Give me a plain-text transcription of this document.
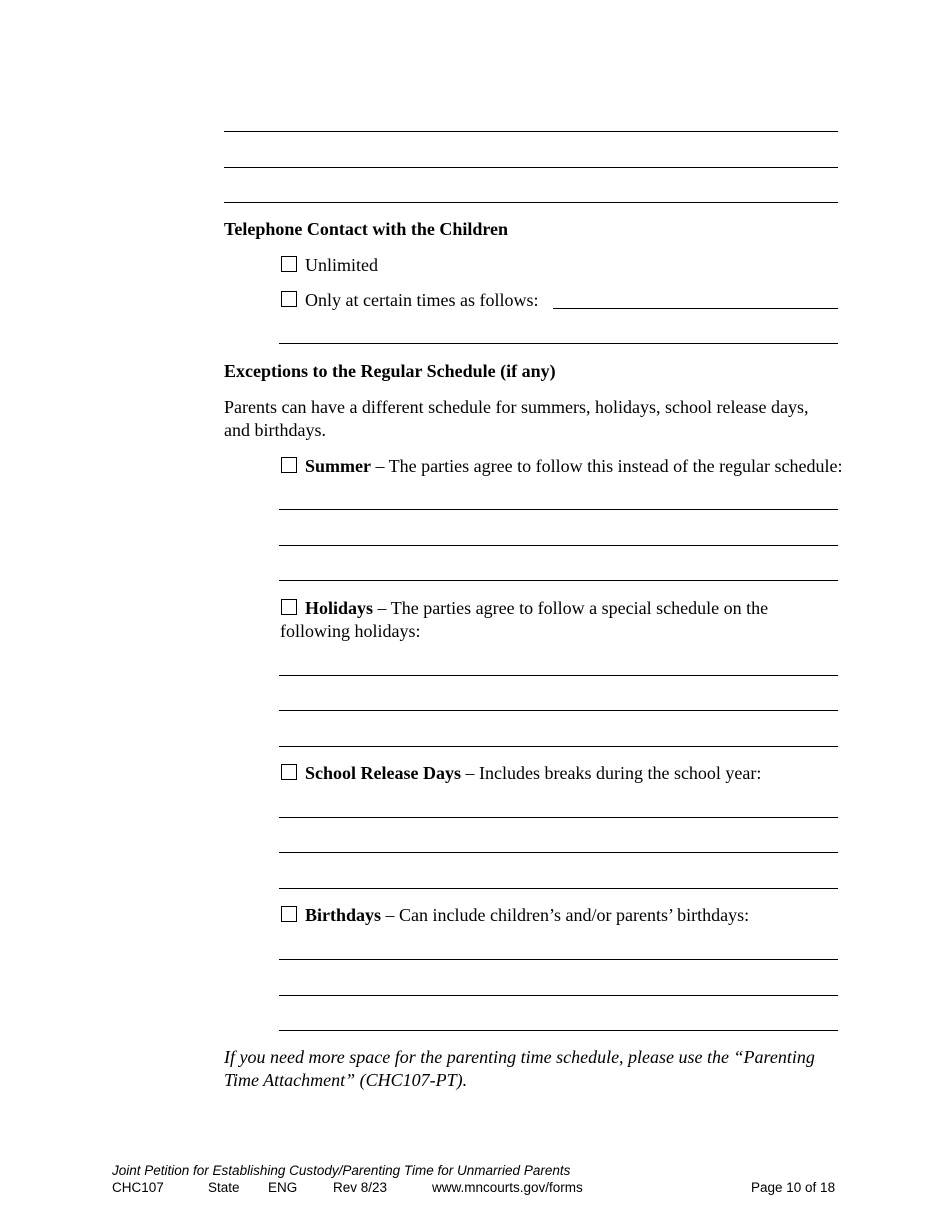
Telephone Contact with the Children
Unlimited
Only at certain times as follows:
Exceptions to the Regular Schedule (if any)
Parents can have a different schedule for summers, holidays, school release days,
and birthdays.
Summer – The parties agree to follow this instead of the regular schedule:
Holidays – The parties agree to follow a special schedule on the
following holidays:
School Release Days – Includes breaks during the school year:
Birthdays – Can include children’s and/or parents’ birthdays:
If you need more space for the parenting time schedule, please use the “Parenting
Time Attachment” (CHC107-PT).
Joint Petition for Establishing Custody/Parenting Time for Unmarried Parents
CHC107	State ENG	Rev 8/23	www.mncourts.gov/forms	Page 10 of 18
